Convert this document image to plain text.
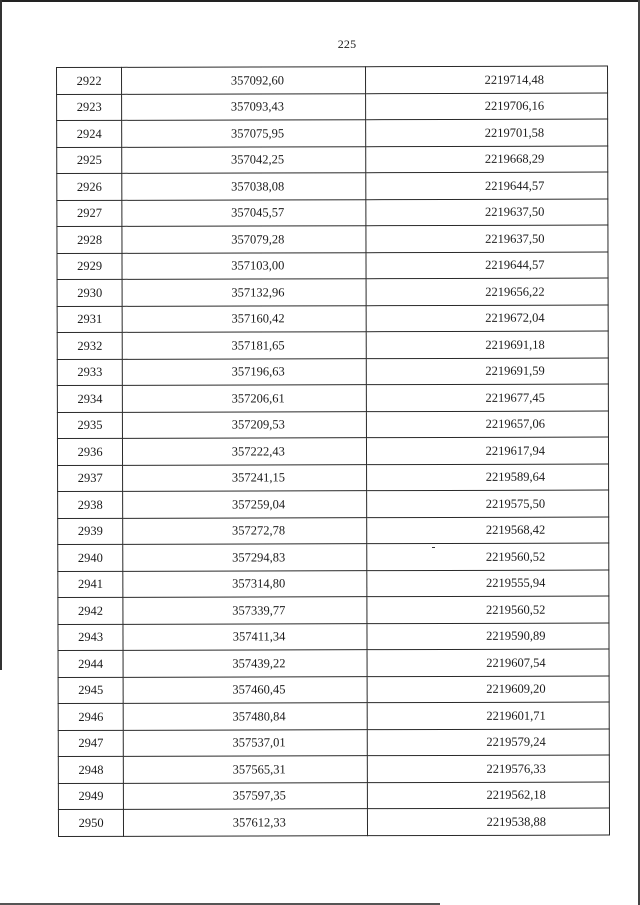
225
2922	357092,60	2219714,48
2923	357093,43	2219706,16
2924	357075,95	2219701,58
2925	357042,25	2219668,29
2926	357038,08	2219644,57
2927	357045,57	2219637,50
2928	357079,28	2219637,50
2929	357103,00	2219644,57
2930	357132,96	2219656,22
2931	357160,42	2219672,04
2932	357181,65	2219691,18
2933	357196,63	2219691,59
2934	357206,61	2219677,45
2935	357209,53	2219657,06
2936	357222,43	2219617,94
2937	357241,15	2219589,64
2938	357259,04	2219575,50
2939	357272,78	2219568,42
2940	357294,83	2219560,52
2941	357314,80	2219555,94
2942	357339,77	2219560,52
2943	357411,34	2219590,89
2944	357439,22	2219607,54
2945	357460,45	2219609,20
2946	357480,84	2219601,71
2947	357537,01	2219579,24
2948	357565,31	2219576,33
2949	357597,35	2219562,18
2950	357612,33	2219538,88
